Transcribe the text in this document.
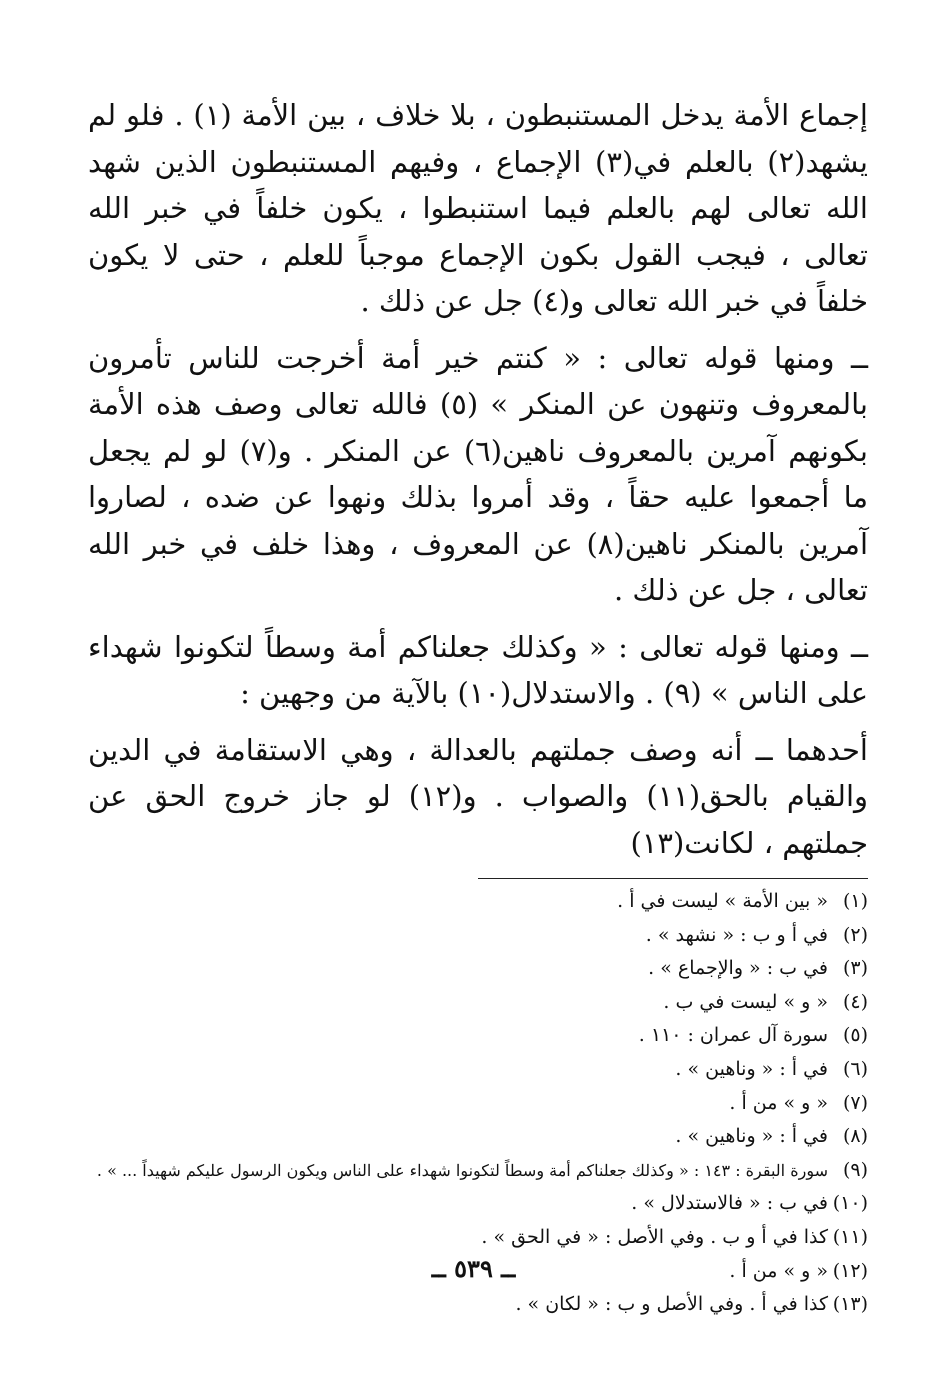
إجماع الأمة يدخل المستنبطون ، بلا خلاف ، بين الأمة (١) . فلو لم يشهد(٢) بالعلم في(٣) الإجماع ، وفيهم المستنبطون الذين شهد الله تعالى لهم بالعلم فيما استنبطوا ، يكون خلفاً في خبر الله تعالى ، فيجب القول بكون الإجماع موجباً للعلم ، حتى لا يكون خلفاً في خبر الله تعالى و(٤) جل عن ذلك .

ــ ومنها قوله تعالى : « كنتم خير أمة أخرجت للناس تأمرون بالمعروف وتنهون عن المنكر » (٥) فالله تعالى وصف هذه الأمة بكونهم آمرين بالمعروف ناهين(٦) عن المنكر . و(٧) لو لم يجعل ما أجمعوا عليه حقاً ، وقد أمروا بذلك ونهوا عن ضده ، لصاروا آمرين بالمنكر ناهين(٨) عن المعروف ، وهذا خلف في خبر الله تعالى ، جل عن ذلك .

ــ ومنها قوله تعالى : « وكذلك جعلناكم أمة وسطاً لتكونوا شهداء على الناس » (٩) . والاستدلال(١٠) بالآية من وجهين :

أحدهما ــ أنه وصف جملتهم بالعدالة ، وهي الاستقامة في الدين والقيام بالحق(١١) والصواب . و(١٢) لو جاز خروج الحق عن جملتهم ، لكانت(١٣)

(١)
« بين الأمة » ليست في أ .
(٢)
في أ و ب : « نشهد » .
(٣)
في ب : « والإجماع » .
(٤)
« و » ليست في ب .
(٥)
سورة آل عمران : ١١٠ .
(٦)
في أ : « وناهين » .
(٧)
« و » من أ .
(٨)
في أ : « وناهين » .
(٩)
سورة البقرة : ١٤٣ : « وكذلك جعلناكم أمة وسطاً لتكونوا شهداء على الناس ويكون الرسول عليكم شهيداً ... » .
(١٠)
في ب : « فالاستدلال » .
(١١)
كذا في أ و ب . وفي الأصل : « في الحق » .
(١٢)
« و » من أ .
(١٣)
كذا في أ . وفي الأصل و ب : « لكان » .
ــ ٥٣٩ ــ
